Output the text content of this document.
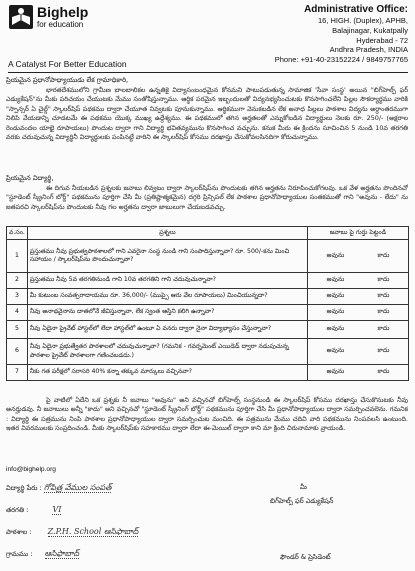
Bighelp
for education
A Catalyst For Better Education
Administrative Office:
16, HIGH. (Duplex), APHB,
Balajinagar, Kukatpally
Hyderabad - 72
Andhra Pradesh, INDIA
Phone: +91-40-23152224 / 9849757765
ప్రియమైన ప్రధానోపాధ్యాయుడు లేక గ్రామాధికారి,
భారతదేశములోని గ్రామీణ బాలబాలికల ఉన్నతికై విద్యాసంబంధమైన కోనమని పాటుపడుతున్న సామాజిక 'సేవా సంస్థ' అయిన "బిగ్‌హెల్ప్ ఫర్ ఎడ్యుకేషన్"ను మీకు పరిచయం చేయుటకు మేము సంతోషిస్తున్నాము. ఆర్థిక పరమైన ఇబ్బందులతో విద్యనభ్యసించుటకు కొనసాగించలేని పిల్లల సౌకర్యార్థము వారికి "స్పాన్సర్ ఏ చైల్డ్" స్కాలర్‌షిప్ పథకము ద్వారా చేయూత నివ్వటకు పూనుకున్నాము. ఆర్థికముగా వెనుకబడిన లేక అనాధ పిల్లలు పాఠశాల విద్యను అర్ధాంతరముగా నిలిపి వేయడాన్ని చూడటమే ఈ పథకము యొక్క ముఖ్య ఉద్దేశ్యము. ఈ పథకములో తగిన అర్హతలతో ఎన్నుకోబడిన విద్యార్థులు నెలకు రూ. 250/- (అక్షరాల రెండువందల యాభై రూపాయలు) పొందుట ద్వారా గాని విద్యార్థి భవితవ్యమును కొనసాగించ వచ్చును. కనుక మీరు ఈ క్రిందను సూచించిన 5 నుండి 10వ తరగతి వరకు చదువుచున్న విద్యార్థినీ విద్యార్థులకు పంపినట్టే వారిని ఈ స్కాలర్‌షిప్ కోసము దరఖాస్తు చేసుకోవలసినదిగా కోరుచున్నాము.
ప్రియమైన విద్యార్థి,
ఈ దిగువ నీయబడిన ప్రశ్నలకు జవాబు లివ్వటం ద్వారా స్కాలర్‌షిప్‌ను పొందుటకు తగిన అర్హతను నిరూపించుకోగలవు. ఒక వేళ అర్హతను పొందినచో "స్టూడెంట్ స్క్రీనింగ్ బోర్డ్" పథకమును పూర్తిగా చేసి మీ (ప్రతిష్టాత్మకమైన) దగ్గరి ప్రిన్సిపల్ లేక పాఠశాల ప్రధానోపాధ్యాయుల సంతకముతో గాని "అవును - లేదు" ను జతపరచి స్కాలర్‌షిప్‌ను పొందుటకు నీవు గల అర్హతను ద్వారా జాబులుగా చేయబడవచ్చు.
వ.సం.	ప్రశ్నలు	జవాబు పై గుర్తు పెట్టండి
1	ప్రస్తుతము నీవు ప్రభుత్వపాఠశాలలో గాని ఎవరైనా సంస్థ నుండి గాని సంపాదిస్తున్నావా? రూ. 500/-కను మించి సహాయం / స్కాలర్‌షిప్‌ను పొందుచున్నావా?	అవును కాదు

2	ప్రస్తుతము నీవు 5వ తరగతినుండి గాని 10వ తరగతిని గాని చదువుచున్నావా?	అవును కాదు

3	మీ కుటుంబ సంవత్సరాదాయము రూ. 36,000/- (ముప్పై ఆరు వేల రూపాయలు) మించియున్నదా?	అవును కాదు

4	నీవు అనాథవైనాను దాతలోనే జీవిస్తున్నావా, లేక స్వంత ఆస్తిని కలిగి ఉన్నావా?	అవును కాదు

5	నీవు ఏదైనా ప్రైవేట్ హాస్టల్‌లో లేదా హాస్టల్‌లో ఉంటూ ఏ వనరు ద్వారా నైనా విద్యాభ్యాసం చేస్తున్నావా?	అవును కాదు

6	నీవు ఏదైనా ప్రభుత్వేతర పాఠశాలలో చదువుచున్నావా? (గమనిక - గవర్నమెంట్ ఎయిడెడ్ ద్వారా నడుపుచున్న పాఠశాల ప్రైవేట్ పాఠశాలగా గణించబడదు.)	అవును కాదు

7	నీకు గత పరీక్షలో సరాసరి 40% కన్నా తక్కువ మార్కులు వచ్చినవా?	అవును కాదు
పై వాటిలో ఏదేని ఒక ప్రశ్నకు నీ జవాబు "అవును" అని వచ్చినచో బిగ్‌హెల్ప్ సంస్థనుండి ఈ స్కాలర్‌షిప్ కోసము దరఖాస్తు చేసుకొనుటకు నీవు అనర్హుడవు. నీ జవాబులు అన్నీ "కాదు" అని వచ్చినచో "స్టూడెంట్ స్క్రీనింగ్ బోర్డ్" పథకమును పూర్తిగా చేసి మీ ప్రధానోపాధ్యాయుల ద్వారా సమర్పించవలెను. గమనిక : విద్యార్థి ఈ పత్రమును నింపి పాఠశాల ప్రధానోపాధ్యాయుల ద్వారా సమర్పించుట మంచిది. ఈ పత్రమును మేము చదివి వారి పథకమును నింపవలసి ఉంటుంది. ఇతర వివరములకు సంప్రదించండి. మీకు స్కాలర్‌షిప్‌కు సహకారము ద్వారా లేదా ఈ-మెయిల్ ద్వారా కాని మా క్రింది చిరునామాకు వ్రాయండి.
info@bighelp.org
విద్యార్థి పేరు : గోపిత్ర వేముల సంపత్
తరగతి :	VI
పాఠశాల : Z.P.H. School ఆసిఫాబాద్
గ్రామము : ఆసిఫాబాద్
మీ
బిగ్‌హెల్ప్ ఫర్ ఎడ్యుకేషన్
ఫౌండర్ & ప్రెసిడెంట్
